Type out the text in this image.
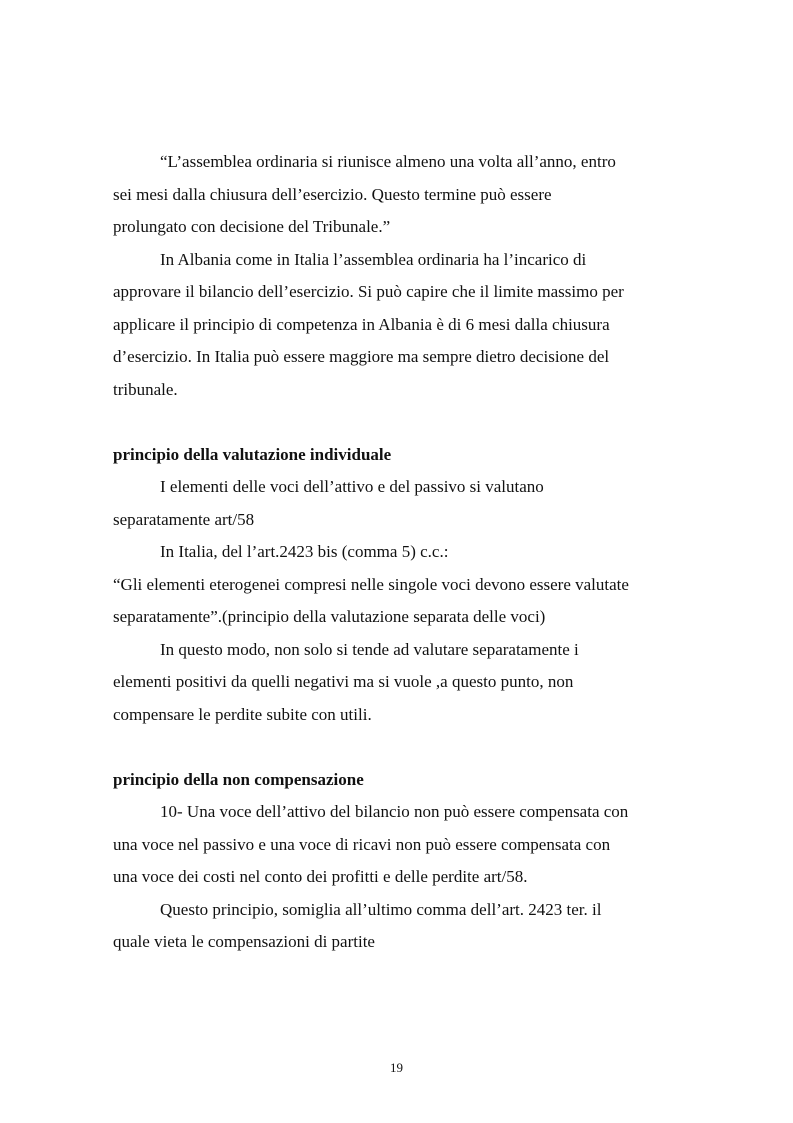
“L’assemblea ordinaria si riunisce almeno una volta all’anno, entro
sei mesi dalla chiusura dell’esercizio. Questo termine può essere
prolungato con decisione del Tribunale.”
In Albania come in Italia l’assemblea ordinaria ha l’incarico di
approvare il bilancio dell’esercizio. Si può capire che il limite massimo per
applicare il principio di competenza in Albania è di 6 mesi dalla chiusura
d’esercizio. In Italia può essere maggiore ma sempre dietro decisione del
tribunale.
principio della valutazione individuale
I elementi delle voci dell’attivo e del passivo si valutano
separatamente art/58
In Italia, del l’art.2423 bis (comma 5) c.c.:
“Gli elementi eterogenei compresi nelle singole voci devono essere valutate
separatamente”.(principio della valutazione separata delle voci)
In questo modo, non solo si tende ad valutare separatamente i
elementi positivi da quelli negativi ma si vuole ,a questo punto, non
compensare le perdite subite con utili.
principio della non compensazione
10- Una voce dell’attivo del bilancio non può essere compensata con
una voce nel passivo e una voce di ricavi non può essere compensata con
una voce dei costi nel conto dei profitti e delle perdite art/58.
Questo principio, somiglia all’ultimo comma dell’art. 2423 ter. il
quale vieta le compensazioni di partite
19
